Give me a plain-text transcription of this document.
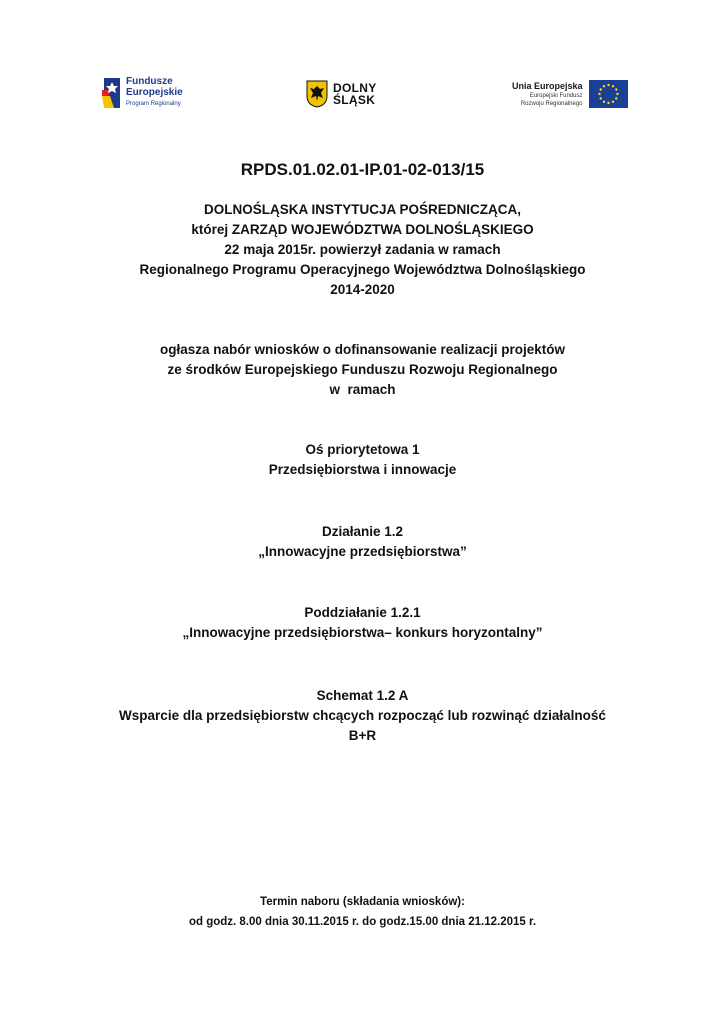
Fundusze
Europejskie
Program Regionalny
DOLNY
ŚLĄSK
Unia Europejska
Europejski Fundusz
Rozwoju Regionalnego
RPDS.01.02.01-IP.01-02-013/15
DOLNOŚLĄSKA INSTYTUCJA POŚREDNICZĄCA,
której ZARZĄD WOJEWÓDZTWA DOLNOŚLĄSKIEGO
22 maja 2015r. powierzył zadania w ramach
Regionalnego Programu Operacyjnego Województwa Dolnośląskiego
2014-2020
ogłasza nabór wniosków o dofinansowanie realizacji projektów
ze środków Europejskiego Funduszu Rozwoju Regionalnego
w  ramach
Oś priorytetowa 1
Przedsiębiorstwa i innowacje
Działanie 1.2
„Innowacyjne przedsiębiorstwa”
Poddziałanie 1.2.1
„Innowacyjne przedsiębiorstwa– konkurs horyzontalny”
Schemat 1.2 A
Wsparcie dla przedsiębiorstw chcących rozpocząć lub rozwinąć działalność
B+R
Termin naboru (składania wniosków):
od godz. 8.00 dnia 30.11.2015 r. do godz.15.00 dnia 21.12.2015 r.
